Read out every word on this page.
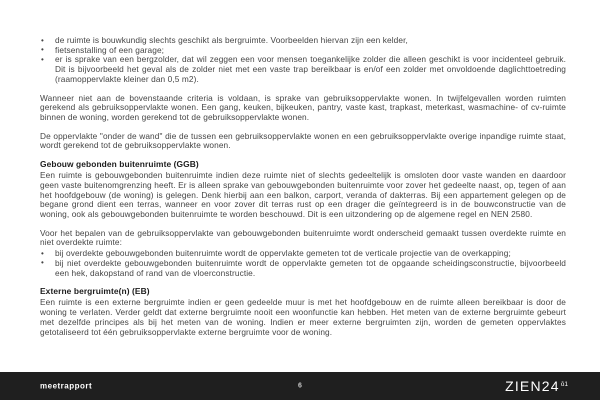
•
de ruimte is bouwkundig slechts geschikt als bergruimte. Voorbeelden hiervan zijn een kelder,
•
fietsenstalling of een garage;
•
er is sprake van een bergzolder, dat wil zeggen een voor mensen toegankelijke zolder die alleen geschikt is voor incidenteel gebruik. Dit is bijvoorbeeld het geval als de zolder niet met een vaste trap bereikbaar is en/of een zolder met onvoldoende daglichttoetreding (raamoppervlakte kleiner dan 0,5 m2).

Wanneer niet aan de bovenstaande criteria is voldaan, is sprake van gebruiksoppervlakte wonen. In twijfelgevallen worden ruimten gerekend als gebruiksoppervlakte wonen. Een gang, keuken, bijkeuken, pantry, vaste kast, trapkast, meterkast, wasmachine- of cv-ruimte binnen de woning, worden gerekend tot de gebruiksoppervlakte wonen.

De oppervlakte "onder de wand" die de tussen een gebruiksoppervlakte wonen en een gebruiksoppervlakte overige inpandige ruimte staat, wordt gerekend tot de gebruiksoppervlakte wonen.

Gebouw gebonden buitenruimte (GGB)

Een ruimte is gebouwgebonden buitenruimte indien deze ruimte niet of slechts gedeeltelijk is omsloten door vaste wanden en daardoor geen vaste buitenomgrenzing heeft. Er is alleen sprake van gebouwgebonden buitenruimte voor zover het gedeelte naast, op, tegen of aan het hoofdgebouw (de woning) is gelegen. Denk hierbij aan een balkon, carport, veranda of dakterras. Bij een appartement gelegen op de begane grond dient een terras, wanneer en voor zover dit terras rust op een drager die geïntegreerd is in de bouwconstructie van de woning, ook als gebouwgebonden buitenruimte te worden beschouwd. Dit is een uitzondering op de algemene regel en NEN 2580.

Voor het bepalen van de gebruiksoppervlakte van gebouwgebonden buitenruimte wordt onderscheid gemaakt tussen overdekte ruimte en niet overdekte ruimte:

•
bij overdekte gebouwgebonden buitenruimte wordt de oppervlakte gemeten tot de verticale projectie van de overkapping;
•
bij niet overdekte gebouwgebonden buitenruimte wordt de oppervlakte gemeten tot de opgaande scheidingsconstructie, bijvoorbeeld een hek, dakopstand of rand van de vloerconstructie.
Externe bergruimte(n) (EB)

Een ruimte is een externe bergruimte indien er geen gedeelde muur is met het hoofdgebouw en de ruimte alleen bereikbaar is door de woning te verlaten. Verder geldt dat externe bergruimte nooit een woonfunctie kan hebben. Het meten van de externe bergruimte gebeurt met dezelfde principes als bij het meten van de woning. Indien er meer externe bergruimten zijn, worden de gemeten oppervlaktes getotaliseerd tot één gebruiksoppervlakte externe bergruimte voor de woning.

meetrapport	6	$ZIEN24^{ō1}$
